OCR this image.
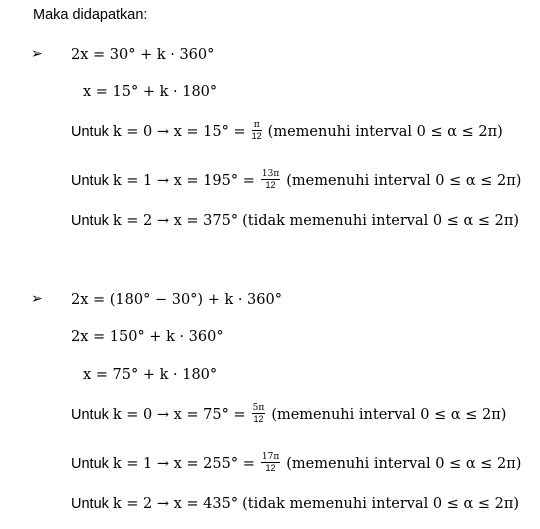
Maka didapatkan:
➢ 2x = 30° + k · 360°
x = 15° + k · 180°
Untuk $k = 0 \to x = 15^\circ = \frac{\pi}{12}$ (memenuhi interval 0 ≤ α ≤ 2π)
Untuk $k = 1 \to x = 195^\circ = \frac{13\pi}{12}$ (memenuhi interval 0 ≤ α ≤ 2π)
Untuk k = 2 → x = 375° (tidak memenuhi interval 0 ≤ α ≤ 2π)
➢ 2x = (180° − 30°) + k · 360°
2x = 150° + k · 360°
x = 75° + k · 180°
Untuk $k = 0 \to x = 75^\circ = \frac{5\pi}{12}$ (memenuhi interval 0 ≤ α ≤ 2π)
Untuk $k = 1 \to x = 255^\circ = \frac{17\pi}{12}$ (memenuhi interval 0 ≤ α ≤ 2π)
Untuk k = 2 → x = 435° (tidak memenuhi interval 0 ≤ α ≤ 2π)
